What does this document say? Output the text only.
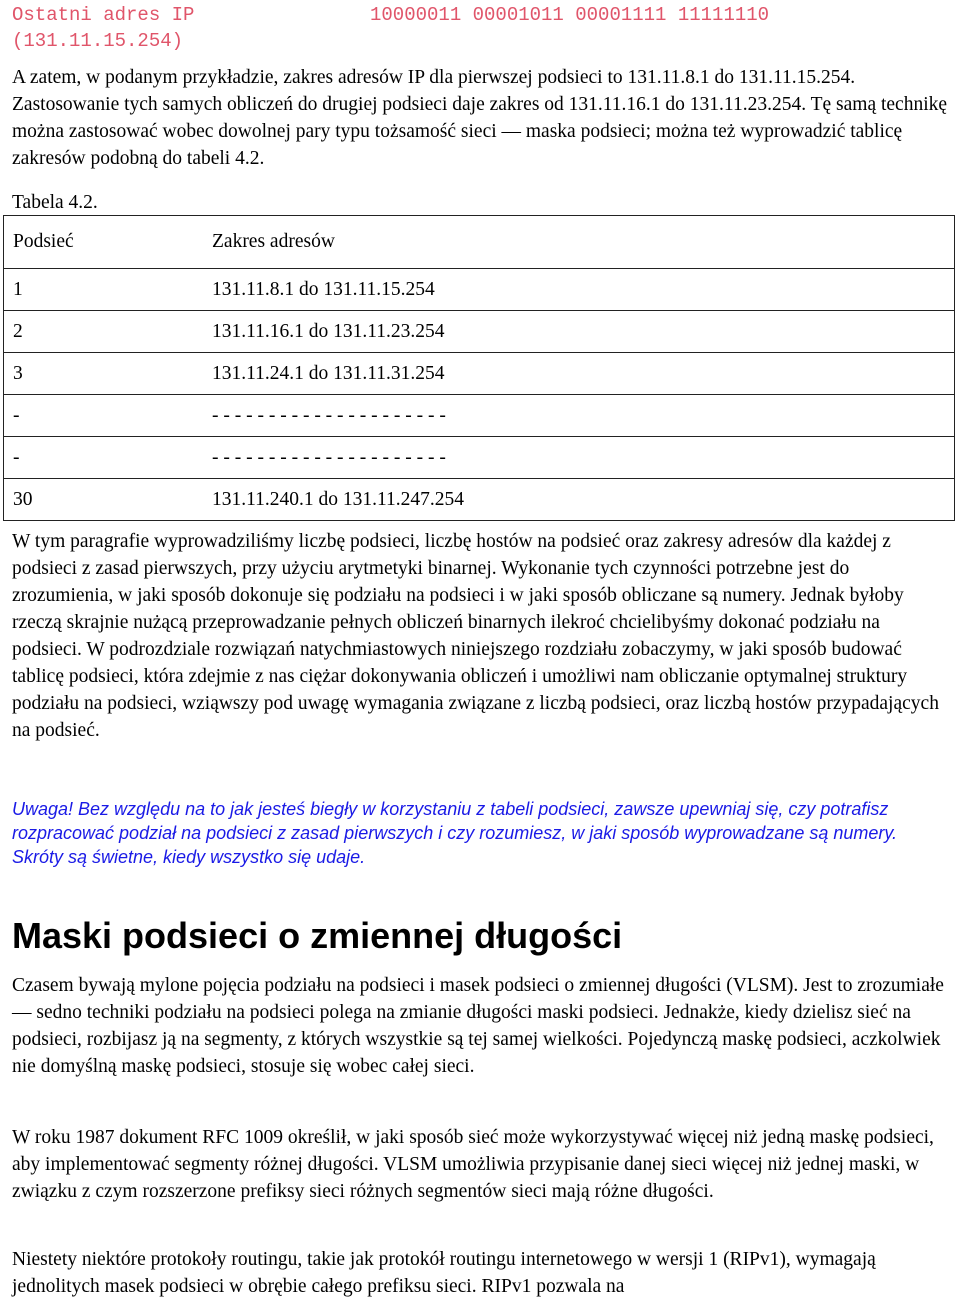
Ostatni adres IP
(131.11.15.254)
10000011 00001011 00001111 11111110

A zatem, w podanym przykładzie, zakres adresów IP dla pierwszej podsieci to 131.11.8.1 do 131.11.15.254. Zastosowanie tych samych obliczeń do drugiej podsieci daje zakres od 131.11.16.1 do 131.11.23.254. Tę samą technikę można zastosować wobec dowolnej pary typu tożsamość sieci — maska podsieci; można też wyprowadzić tablicę zakresów podobną do tabeli 4.2.

Tabela 4.2.

Podsieć	Zakres adresów
1	131.11.8.1 do 131.11.15.254
2	131.11.16.1 do 131.11.23.254
3	131.11.24.1 do 131.11.31.254
-	- - - - - - - - - - - - - - - - - - - - -
-	- - - - - - - - - - - - - - - - - - - - -
30	131.11.240.1 do 131.11.247.254

W tym paragrafie wyprowadziliśmy liczbę podsieci, liczbę hostów na podsieć oraz zakresy adresów dla każdej z podsieci z zasad pierwszych, przy użyciu arytmetyki binarnej. Wykonanie tych czynności potrzebne jest do zrozumienia, w jaki sposób dokonuje się podziału na podsieci i w jaki sposób obliczane są numery. Jednak byłoby rzeczą skrajnie nużącą przeprowadzanie pełnych obliczeń binarnych ilekroć chcielibyśmy dokonać podziału na podsieci. W podrozdziale rozwiązań natychmiastowych niniejszego rozdziału zobaczymy, w jaki sposób budować tablicę podsieci, która zdejmie z nas ciężar dokonywania obliczeń i umożliwi nam obliczanie optymalnej struktury podziału na podsieci, wziąwszy pod uwagę wymagania związane z liczbą podsieci, oraz liczbą hostów przypadających na podsieć.

Uwaga! Bez względu na to jak jesteś biegły w korzystaniu z tabeli podsieci, zawsze upewniaj się, czy potrafisz rozpracować podział na podsieci z zasad pierwszych i czy rozumiesz, w jaki sposób wyprowadzane są numery. Skróty są świetne, kiedy wszystko się udaje.

Maski podsieci o zmiennej długości

Czasem bywają mylone pojęcia podziału na podsieci i masek podsieci o zmiennej długości (VLSM). Jest to zrozumiałe — sedno techniki podziału na podsieci polega na zmianie długości maski podsieci. Jednakże, kiedy dzielisz sieć na podsieci, rozbijasz ją na segmenty, z których wszystkie są tej samej wielkości. Pojedynczą maskę podsieci, aczkolwiek nie domyślną maskę podsieci, stosuje się wobec całej sieci.

W roku 1987 dokument RFC 1009 określił, w jaki sposób sieć może wykorzystywać więcej niż jedną maskę podsieci, aby implementować segmenty różnej długości. VLSM umożliwia przypisanie danej sieci więcej niż jednej maski, w związku z czym rozszerzone prefiksy sieci różnych segmentów sieci mają różne długości.

Niestety niektóre protokoły routingu, takie jak protokół routingu internetowego w wersji 1 (RIPv1), wymagają jednolitych masek podsieci w obrębie całego prefiksu sieci. RIPv1 pozwala na
